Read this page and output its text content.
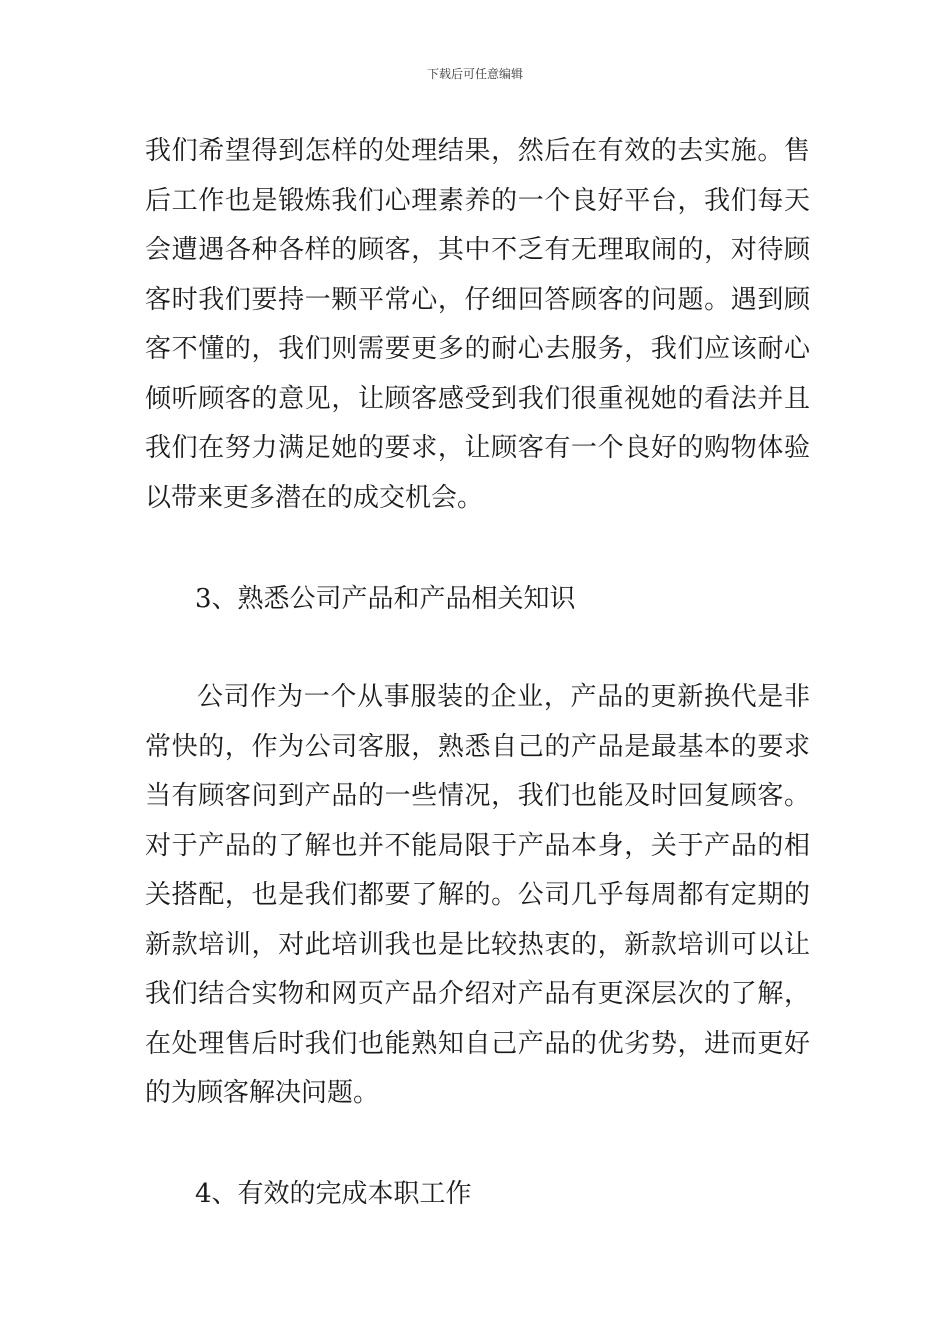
下载后可任意编辑

我们希望得到怎样的处理结果，然后在有效的去实施。售后工作也是锻炼我们心理素养的一个良好平台，我们每天会遭遇各种各样的顾客，其中不乏有无理取闹的，对待顾客时我们要持一颗平常心，仔细回答顾客的问题。遇到顾客不懂的，我们则需要更多的耐心去服务，我们应该耐心倾听顾客的意见，让顾客感受到我们很重视她的看法并且我们在努力满足她的要求，让顾客有一个良好的购物体验以带来更多潜在的成交机会。

3、熟悉公司产品和产品相关知识

公司作为一个从事服装的企业，产品的更新换代是非常快的，作为公司客服，熟悉自己的产品是最基本的要求当有顾客问到产品的一些情况，我们也能及时回复顾客。对于产品的了解也并不能局限于产品本身，关于产品的相关搭配，也是我们都要了解的。公司几乎每周都有定期的新款培训，对此培训我也是比较热衷的，新款培训可以让我们结合实物和网页产品介绍对产品有更深层次的了解，在处理售后时我们也能熟知自己产品的优劣势，进而更好的为顾客解决问题。

4、有效的完成本职工作
